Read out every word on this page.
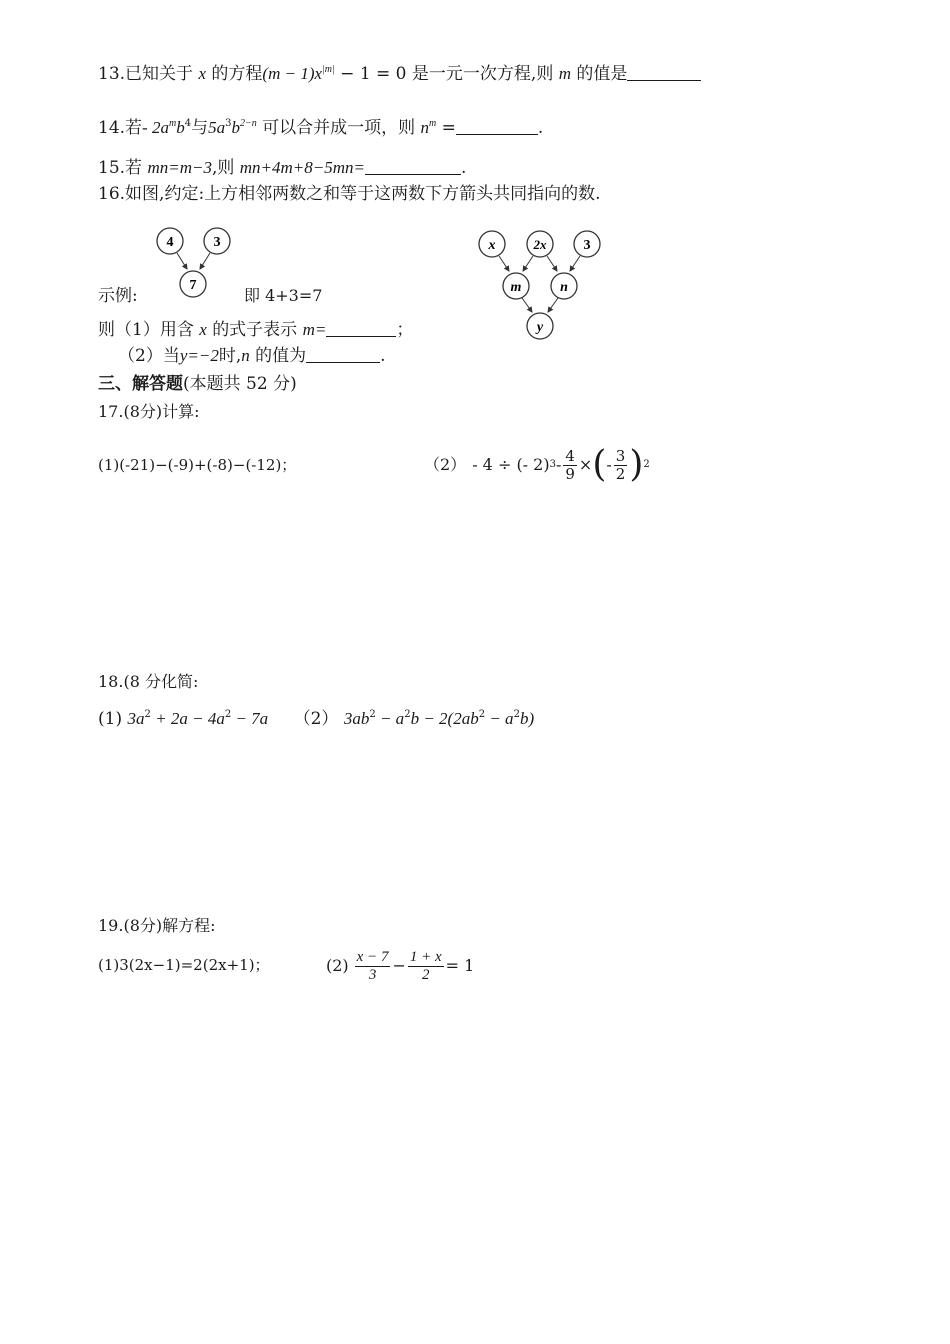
13.已知关于 x 的方程$(m - 1)x^{|m|} - 1 = 0$ 是一元一次方程,则 m 的值是
14.若- $2a^mb^4$与$5a^3b^{2-n}$ 可以合并成一项，则 $n^m$ =	.
15.若 mn=m−3,则 mn+4m+8−5mn=	.
16.如图,约定:上方相邻两数之和等于这两数下方箭头共同指向的数.
4	3
7
x	2x	3
m	n
y
示例:	即 4+3=7
则（1）用含 x 的式子表示 m=	；
（2）当y=−2时,n 的值为	.
三、解答题(本题共 52 分)
17.(8分)计算:
(1)(-21)−(-9)+(-8)−(-12)；	（2） - 4 ÷ (- 2) $3 - \frac{4}{9}$ × ( - $\frac{3}{2}$ ) 2
18.(8 分化简:
(1) $3a^2 + 2a - 4a^2 - 7a$ （2） $3ab^2 - a^2b - 2(2ab^2 - a^2b)$
19.(8分)解方程:
(1)3(2x−1)=2(2x+1)；	$(2) \frac{x - 7}{3} - \frac{1 + x}{2} = 1$
